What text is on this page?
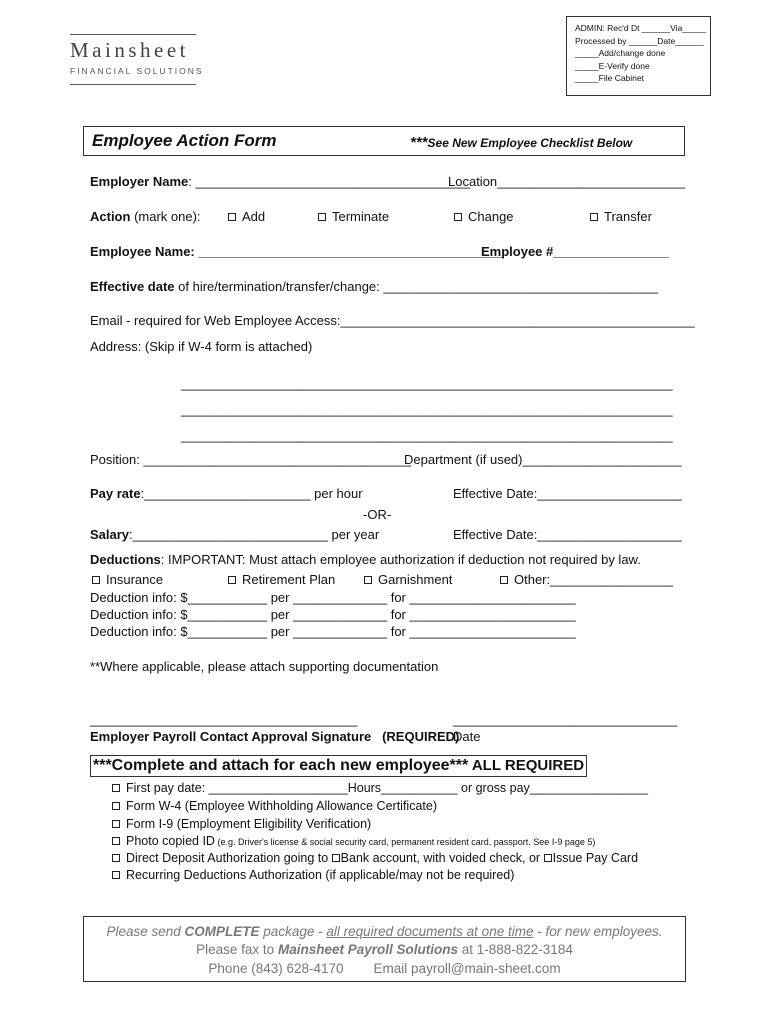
Mainsheet
FINANCIAL SOLUTIONS
ADMIN: Rec'd Dt ______Via_____
Processed by ______Date______
_____Add/change done
_____E-Verify done
_____File Cabinet
Employee Action Form	***See New Employee Checklist Below
Employer Name: ______________________________________
Location__________________________
Action (mark one):	Add	Terminate	Change	Transfer
Employee Name: __________________________________________
Employee #________________
Effective date of hire/termination/transfer/change: ______________________________________
Email - required for Web Employee Access:_________________________________________________
Address: (Skip if W-4 form is attached)
____________________________________________________________________
____________________________________________________________________
____________________________________________________________________
Position: _____________________________________
Department (if used)______________________
Pay rate:_______________________ per hour	Effective Date:____________________
-OR-
Salary:___________________________ per year	Effective Date:____________________
Deductions: IMPORTANT: Must attach employee authorization if deduction not required by law.
Insurance	Retirement Plan	Garnishment	Other:_________________
Deduction info: $___________ per _____________ for _______________________
Deduction info: $___________ per _____________ for _______________________
Deduction info: $___________ per _____________ for _______________________
**Where applicable, please attach supporting documentation
_____________________________________
Employer Payroll Contact Approval Signature (REQUIRED)
_______________________________
Date
***Complete and attach for each new employee*** ALL REQUIRED
First pay date: ____________________Hours___________ or gross pay_________________
Form W-4 (Employee Withholding Allowance Certificate)
Form I-9 (Employment Eligibility Verification)
Photo copied ID (e.g. Driver's license & social security card, permanent resident card, passport. See I-9 page 5)
Direct Deposit Authorization going to Bank account, with voided check, or Issue Pay Card
Recurring Deductions Authorization (if applicable/may not be required)
Please send COMPLETE package - all required documents at one time - for new employees.
Please fax to Mainsheet Payroll Solutions at 1-888-822-3184
Phone (843) 628-4170 Email payroll@main-sheet.com
